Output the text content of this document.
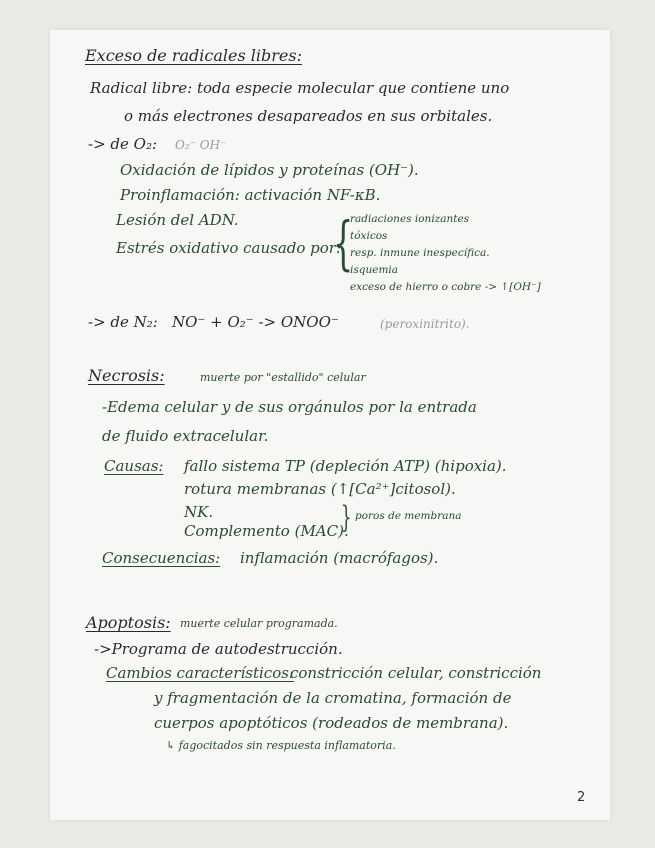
Exceso de radicales libres:
Radical libre: toda especie molecular que contiene uno
o más electrones desapareados en sus orbitales.
-> de O₂: O₂⁻ OH⁻
Oxidación de lípidos y proteínas (OH⁻).
Proinflamación: activación NF-κB.
Lesión del ADN.
Estrés oxidativo causado por:
{
radiaciones ionizantes
tóxicos
resp. inmune inespecífica.
isquemia
exceso de hierro o cobre -> ↑[OH⁻]
-> de N₂: NO⁻ + O₂⁻ -> ONOO⁻	(peroxinitrito).
Necrosis:	muerte por "estallido" celular
-Edema celular y de sus orgánulos por la entrada
de fluido extracelular.
Causas: fallo sistema TP (depleción ATP) (hipoxia).
rotura membranas (↑[Ca²⁺]citosol).
NK.
Complemento (MAC).
} poros de membrana
Consecuencias: inflamación (macrófagos).
Apoptosis: muerte celular programada.
->Programa de autodestrucción.
Cambios característicos:
constricción celular, constricción
y fragmentación de la cromatina, formación de
cuerpos apoptóticos (rodeados de membrana).
↳ fagocitados sin respuesta inflamatoria.
2
